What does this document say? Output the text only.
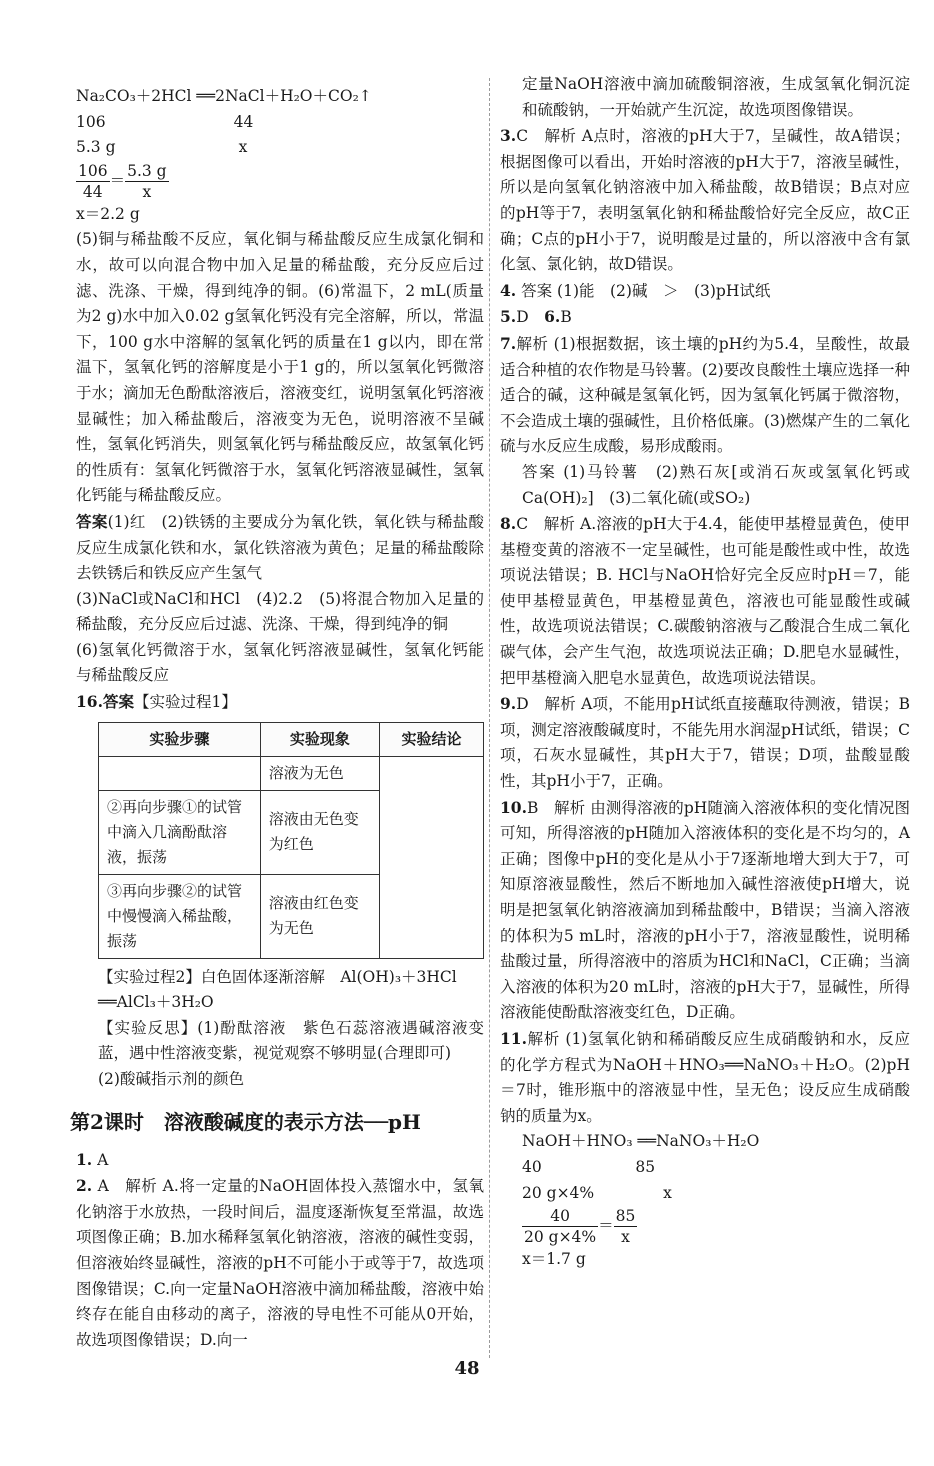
Na₂CO₃＋2HCl ══2NaCl＋H₂O＋CO₂↑

106                          44

5.3 g                         x

$\frac{106}{44} = \frac{5.3 g}{x}$

x＝2.2 g

(5)铜与稀盐酸不反应，氧化铜与稀盐酸反应生成氯化铜和水，故可以向混合物中加入足量的稀盐酸，充分反应后过滤、洗涤、干燥，得到纯净的铜。(6)常温下，2 mL(质量为2 g)水中加入0.02 g氢氧化钙没有完全溶解，所以，常温下，100 g水中溶解的氢氧化钙的质量在1 g以内，即在常温下，氢氧化钙的溶解度是小于1 g的，所以氢氧化钙微溶于水；滴加无色酚酞溶液后，溶液变红，说明氢氧化钙溶液显碱性；加入稀盐酸后，溶液变为无色，说明溶液不呈碱性，氢氧化钙消失，则氢氧化钙与稀盐酸反应，故氢氧化钙的性质有：氢氧化钙微溶于水，氢氧化钙溶液显碱性，氢氧化钙能与稀盐酸反应。

答案(1)红　(2)铁锈的主要成分为氧化铁，氧化铁与稀盐酸反应生成氯化铁和水，氯化铁溶液为黄色；足量的稀盐酸除去铁锈后和铁反应产生氢气

(3)NaCl或NaCl和HCl　(4)2.2　(5)将混合物加入足量的稀盐酸，充分反应后过滤、洗涤、干燥，得到纯净的铜

(6)氢氧化钙微溶于水，氢氧化钙溶液显碱性，氢氧化钙能与稀盐酸反应

16.答案【实验过程1】

实验步骤	实验现象	实验结论
	溶液为无色	
②再向步骤①的试管中滴入几滴酚酞溶液，振荡	溶液由无色变为红色	
③再向步骤②的试管中慢慢滴入稀盐酸，振荡	溶液由红色变为无色	

【实验过程2】白色固体逐渐溶解　Al(OH)₃＋3HCl

══AlCl₃＋3H₂O

【实验反思】(1)酚酞溶液　紫色石蕊溶液遇碱溶液变蓝，遇中性溶液变紫，视觉观察不够明显(合理即可)

(2)酸碱指示剂的颜色

第2课时　溶液酸碱度的表示方法──pH

1. A

2. A　解析 A.将一定量的NaOH固体投入蒸馏水中，氢氧化钠溶于水放热，一段时间后，温度逐渐恢复至常温，故选项图像正确；B.加水稀释氢氧化钠溶液，溶液的碱性变弱，但溶液始终显碱性，溶液的pH不可能小于或等于7，故选项图像错误；C.向一定量NaOH溶液中滴加稀盐酸，溶液中始终存在能自由移动的离子，溶液的导电性不可能从0开始，故选项图像错误；D.向一

定量NaOH溶液中滴加硫酸铜溶液，生成氢氧化铜沉淀和硫酸钠，一开始就产生沉淀，故选项图像错误。

3.C　解析 A点时，溶液的pH大于7，呈碱性，故A错误；根据图像可以看出，开始时溶液的pH大于7，溶液呈碱性，所以是向氢氧化钠溶液中加入稀盐酸，故B错误；B点对应的pH等于7，表明氢氧化钠和稀盐酸恰好完全反应，故C正确；C点的pH小于7，说明酸是过量的，所以溶液中含有氯化氢、氯化钠，故D错误。

4. 答案 (1)能　(2)碱　＞　(3)pH试纸

5.D　6.B

7.解析 (1)根据数据，该土壤的pH约为5.4，呈酸性，故最适合种植的农作物是马铃薯。(2)要改良酸性土壤应选择一种适合的碱，这种碱是氢氧化钙，因为氢氧化钙属于微溶物，不会造成土壤的强碱性，且价格低廉。(3)燃煤产生的二氧化硫与水反应生成酸，易形成酸雨。

答案 (1)马铃薯　(2)熟石灰[或消石灰或氢氧化钙或Ca(OH)₂]　(3)二氧化硫(或SO₂)

8.C　解析 A.溶液的pH大于4.4，能使甲基橙显黄色，使甲基橙变黄的溶液不一定呈碱性，也可能是酸性或中性，故选项说法错误；B. HCl与NaOH恰好完全反应时pH＝7，能使甲基橙显黄色，甲基橙显黄色，溶液也可能显酸性或碱性，故选项说法错误；C.碳酸钠溶液与乙酸混合生成二氧化碳气体，会产生气泡，故选项说法正确；D.肥皂水显碱性，把甲基橙滴入肥皂水显黄色，故选项说法错误。

9.D　解析 A项，不能用pH试纸直接蘸取待测液，错误；B项，测定溶液酸碱度时，不能先用水润湿pH试纸，错误；C项，石灰水显碱性，其pH大于7，错误；D项，盐酸显酸性，其pH小于7，正确。

10.B　解析 由测得溶液的pH随滴入溶液体积的变化情况图可知，所得溶液的pH随加入溶液体积的变化是不均匀的，A正确；图像中pH的变化是从小于7逐渐地增大到大于7，可知原溶液显酸性，然后不断地加入碱性溶液使pH增大，说明是把氢氧化钠溶液滴加到稀盐酸中，B错误；当滴入溶液的体积为5 mL时，溶液的pH小于7，溶液显酸性，说明稀盐酸过量，所得溶液中的溶质为HCl和NaCl，C正确；当滴入溶液的体积为20 mL时，溶液的pH大于7，显碱性，所得溶液能使酚酞溶液变红色，D正确。

11.解析 (1)氢氧化钠和稀硝酸反应生成硝酸钠和水，反应的化学方程式为NaOH＋HNO₃══NaNO₃＋H₂O。(2)pH＝7时，锥形瓶中的溶液显中性，呈无色；设反应生成硝酸钠的质量为x。

NaOH＋HNO₃ ══NaNO₃＋H₂O

40                   85

20 g×4%              x

$\frac{40}{20 g\times 4\%} = \frac{85}{x}$

x＝1.7 g

48
